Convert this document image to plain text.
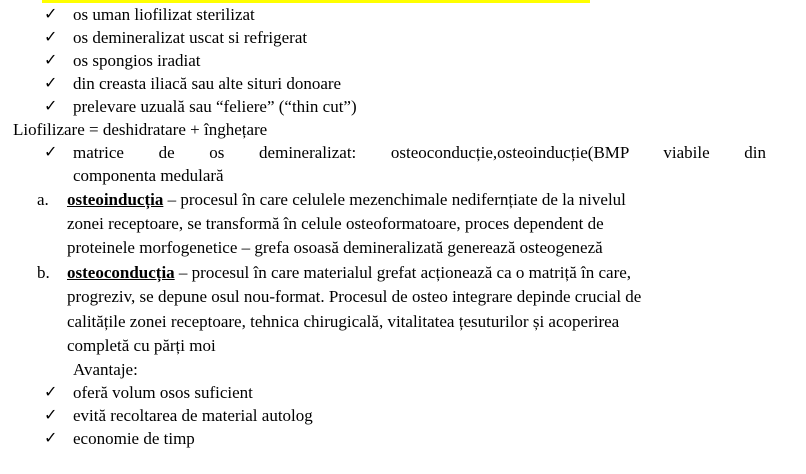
✓ os uman liofilizat sterilizat
✓ os demineralizat uscat si refrigerat
✓ os spongios iradiat
✓ din creasta iliacă sau alte situri donoare
✓ prelevare uzuală sau “feliere” (“thin cut”)
Liofilizare = deshidratare + înghețare
✓ matrice de os demineralizat: osteoconducție,osteoinducție(BMP viabile din
componenta medulară
a. osteoinducția – procesul în care celulele mezenchimale nedifernțiate de la nivelul
zonei receptoare, se transformă în celule osteoformatoare, proces dependent de
proteinele morfogenetice – grefa osoasă demineralizată generează osteogeneză
b. osteoconducția – procesul în care materialul grefat acționează ca o matriță în care,
progreziv, se depune osul nou-format. Procesul de osteo integrare depinde crucial de
calitățile zonei receptoare, tehnica chirugicală, vitalitatea țesuturilor și acoperirea
completă cu părți moi
Avantaje:
✓ oferă volum osos suficient
✓ evită recoltarea de material autolog
✓ economie de timp
